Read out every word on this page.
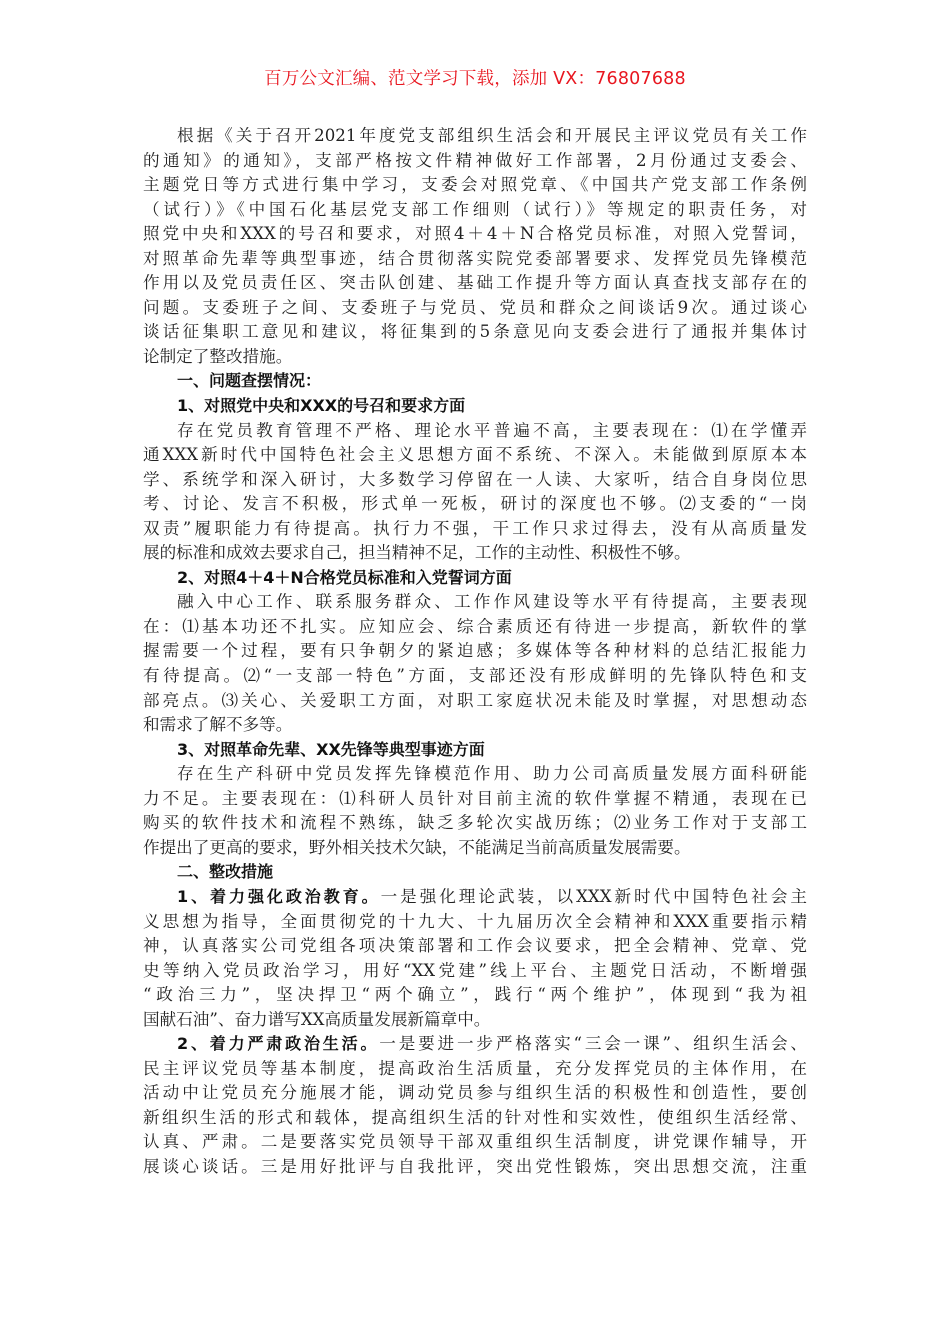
百万公文汇编、范文学习下载，添加 VX：76807688
根据《关于召开2021年度党支部组织生活会和开展民主评议党员有关工作
的通知》的通知》，支部严格按文件精神做好工作部署，2月份通过支委会、
主题党日等方式进行集中学习，支委会对照党章、《中国共产党支部工作条例
（试行）》《中国石化基层党支部工作细则（试行）》等规定的职责任务，对
照党中央和XXX的号召和要求，对照4＋4＋N合格党员标准，对照入党誓词，
对照革命先辈等典型事迹，结合贯彻落实院党委部署要求、发挥党员先锋模范
作用以及党员责任区、突击队创建、基础工作提升等方面认真查找支部存在的
问题。支委班子之间、支委班子与党员、党员和群众之间谈话9次。通过谈心
谈话征集职工意见和建议，将征集到的5条意见向支委会进行了通报并集体讨
论制定了整改措施。
一、问题查摆情况：
1、对照党中央和XXX的号召和要求方面
存在党员教育管理不严格、理论水平普遍不高，主要表现在：⑴在学懂弄
通XXX新时代中国特色社会主义思想方面不系统、不深入。未能做到原原本本
学、系统学和深入研讨，大多数学习停留在一人读、大家听，结合自身岗位思
考、讨论、发言不积极，形式单一死板，研讨的深度也不够。⑵支委的“一岗
双责”履职能力有待提高。执行力不强，干工作只求过得去，没有从高质量发
展的标准和成效去要求自己，担当精神不足，工作的主动性、积极性不够。
2、对照4＋4＋N合格党员标准和入党誓词方面
融入中心工作、联系服务群众、工作作风建设等水平有待提高，主要表现
在：⑴基本功还不扎实。应知应会、综合素质还有待进一步提高，新软件的掌
握需要一个过程，要有只争朝夕的紧迫感；多媒体等各种材料的总结汇报能力
有待提高。⑵“一支部一特色”方面，支部还没有形成鲜明的先锋队特色和支
部亮点。⑶关心、关爱职工方面，对职工家庭状况未能及时掌握，对思想动态
和需求了解不多等。
3、对照革命先辈、XX先锋等典型事迹方面
存在生产科研中党员发挥先锋模范作用、助力公司高质量发展方面科研能
力不足。主要表现在：⑴科研人员针对目前主流的软件掌握不精通，表现在已
购买的软件技术和流程不熟练，缺乏多轮次实战历练；⑵业务工作对于支部工
作提出了更高的要求，野外相关技术欠缺，不能满足当前高质量发展需要。
二、整改措施
1、着力强化政治教育。一是强化理论武装，以XXX新时代中国特色社会主
义思想为指导，全面贯彻党的十九大、十九届历次全会精神和XXX重要指示精
神，认真落实公司党组各项决策部署和工作会议要求，把全会精神、党章、党
史等纳入党员政治学习，用好“XX党建”线上平台、主题党日活动，不断增强
“政治三力”，坚决捍卫“两个确立”，践行“两个维护”，体现到“我为祖
国献石油”、奋力谱写XX高质量发展新篇章中。
2、着力严肃政治生活。一是要进一步严格落实“三会一课”、组织生活会、
民主评议党员等基本制度，提高政治生活质量，充分发挥党员的主体作用，在
活动中让党员充分施展才能，调动党员参与组织生活的积极性和创造性，要创
新组织生活的形式和载体，提高组织生活的针对性和实效性，使组织生活经常、
认真、严肃。二是要落实党员领导干部双重组织生活制度，讲党课作辅导，开
展谈心谈话。三是用好批评与自我批评，突出党性锻炼，突出思想交流，注重
